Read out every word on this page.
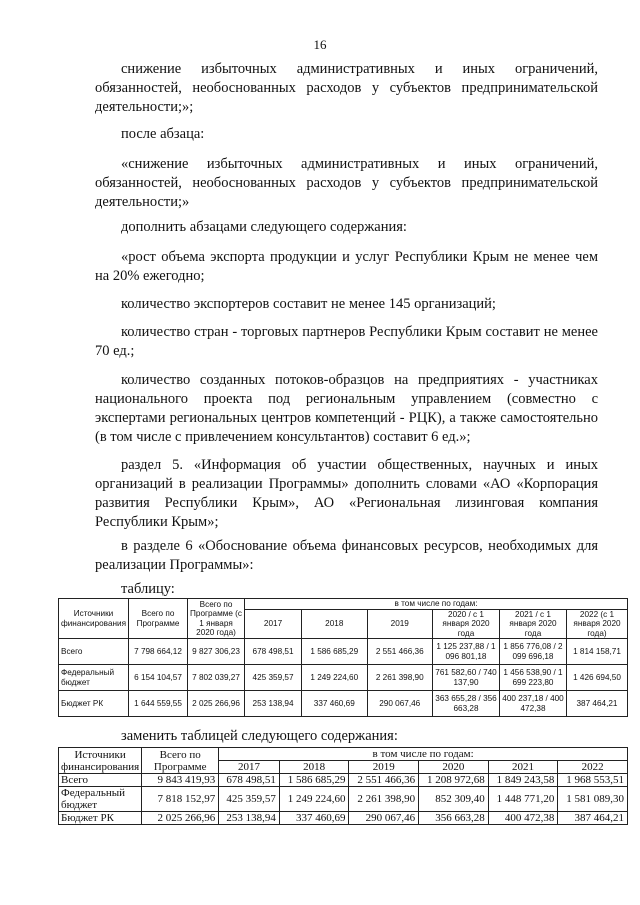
16
снижение избыточных административных и иных ограничений, обязанностей, необоснованных расходов у субъектов предпринимательской деятельности;»;
после абзаца:
«снижение избыточных административных и иных ограничений, обязанностей, необоснованных расходов у субъектов предпринимательской деятельности;»
дополнить абзацами следующего содержания:
«рост объема экспорта продукции и услуг Республики Крым не менее чем на 20% ежегодно;
количество экспортеров составит не менее 145 организаций;
количество стран - торговых партнеров Республики Крым составит не менее 70 ед.;
количество созданных потоков-образцов на предприятиях - участниках национального проекта под региональным управлением (совместно с экспертами региональных центров компетенций - РЦК), а также самостоятельно (в том числе с привлечением консультантов) составит 6 ед.»;
раздел 5. «Информация об участии общественных, научных и иных организаций в реализации Программы» дополнить словами «АО «Корпорация развития Республики Крым», АО «Региональная лизинговая компания Республики Крым»;
в разделе 6 «Обоснование объема финансовых ресурсов, необходимых для реализации Программы»:
таблицу:
Источники финансирования	Всего по Программе	Всего по Программе (с 1 января 2020 года)	в том числе по годам:					
			2017	2018	2019	2020 / с 1 января 2020 года	2021 / с 1 января 2020 года	2022 (с 1 января 2020 года)

Всего	7 798 664,12	9 827 306,23	678 498,51	1 586 685,29	2 551 466,36	1 125 237,88 / 1 096 801,18	1 856 776,08 / 2 099 696,18	1 814 158,71
Федеральный бюджет	6 154 104,57	7 802 039,27	425 359,57	1 249 224,60	2 261 398,90	761 582,60 / 740 137,90	1 456 538,90 / 1 699 223,80	1 426 694,50
Бюджет РК	1 644 559,55	2 025 266,96	253 138,94	337 460,69	290 067,46	363 655,28 / 356 663,28	400 237,18 / 400 472,38	387 464,21
заменить таблицей следующего содержания:
Источники финансирования	Всего по Программе	в том числе по годам:					
		2017	2018	2019	2020	2021	2022
Всего	9 843 419,93	678 498,51	1 586 685,29	2 551 466,36	1 208 972,68	1 849 243,58	1 968 553,51
Федеральный бюджет	7 818 152,97	425 359,57	1 249 224,60	2 261 398,90	852 309,40	1 448 771,20	1 581 089,30
Бюджет РК	2 025 266,96	253 138,94	337 460,69	290 067,46	356 663,28	400 472,38	387 464,21
